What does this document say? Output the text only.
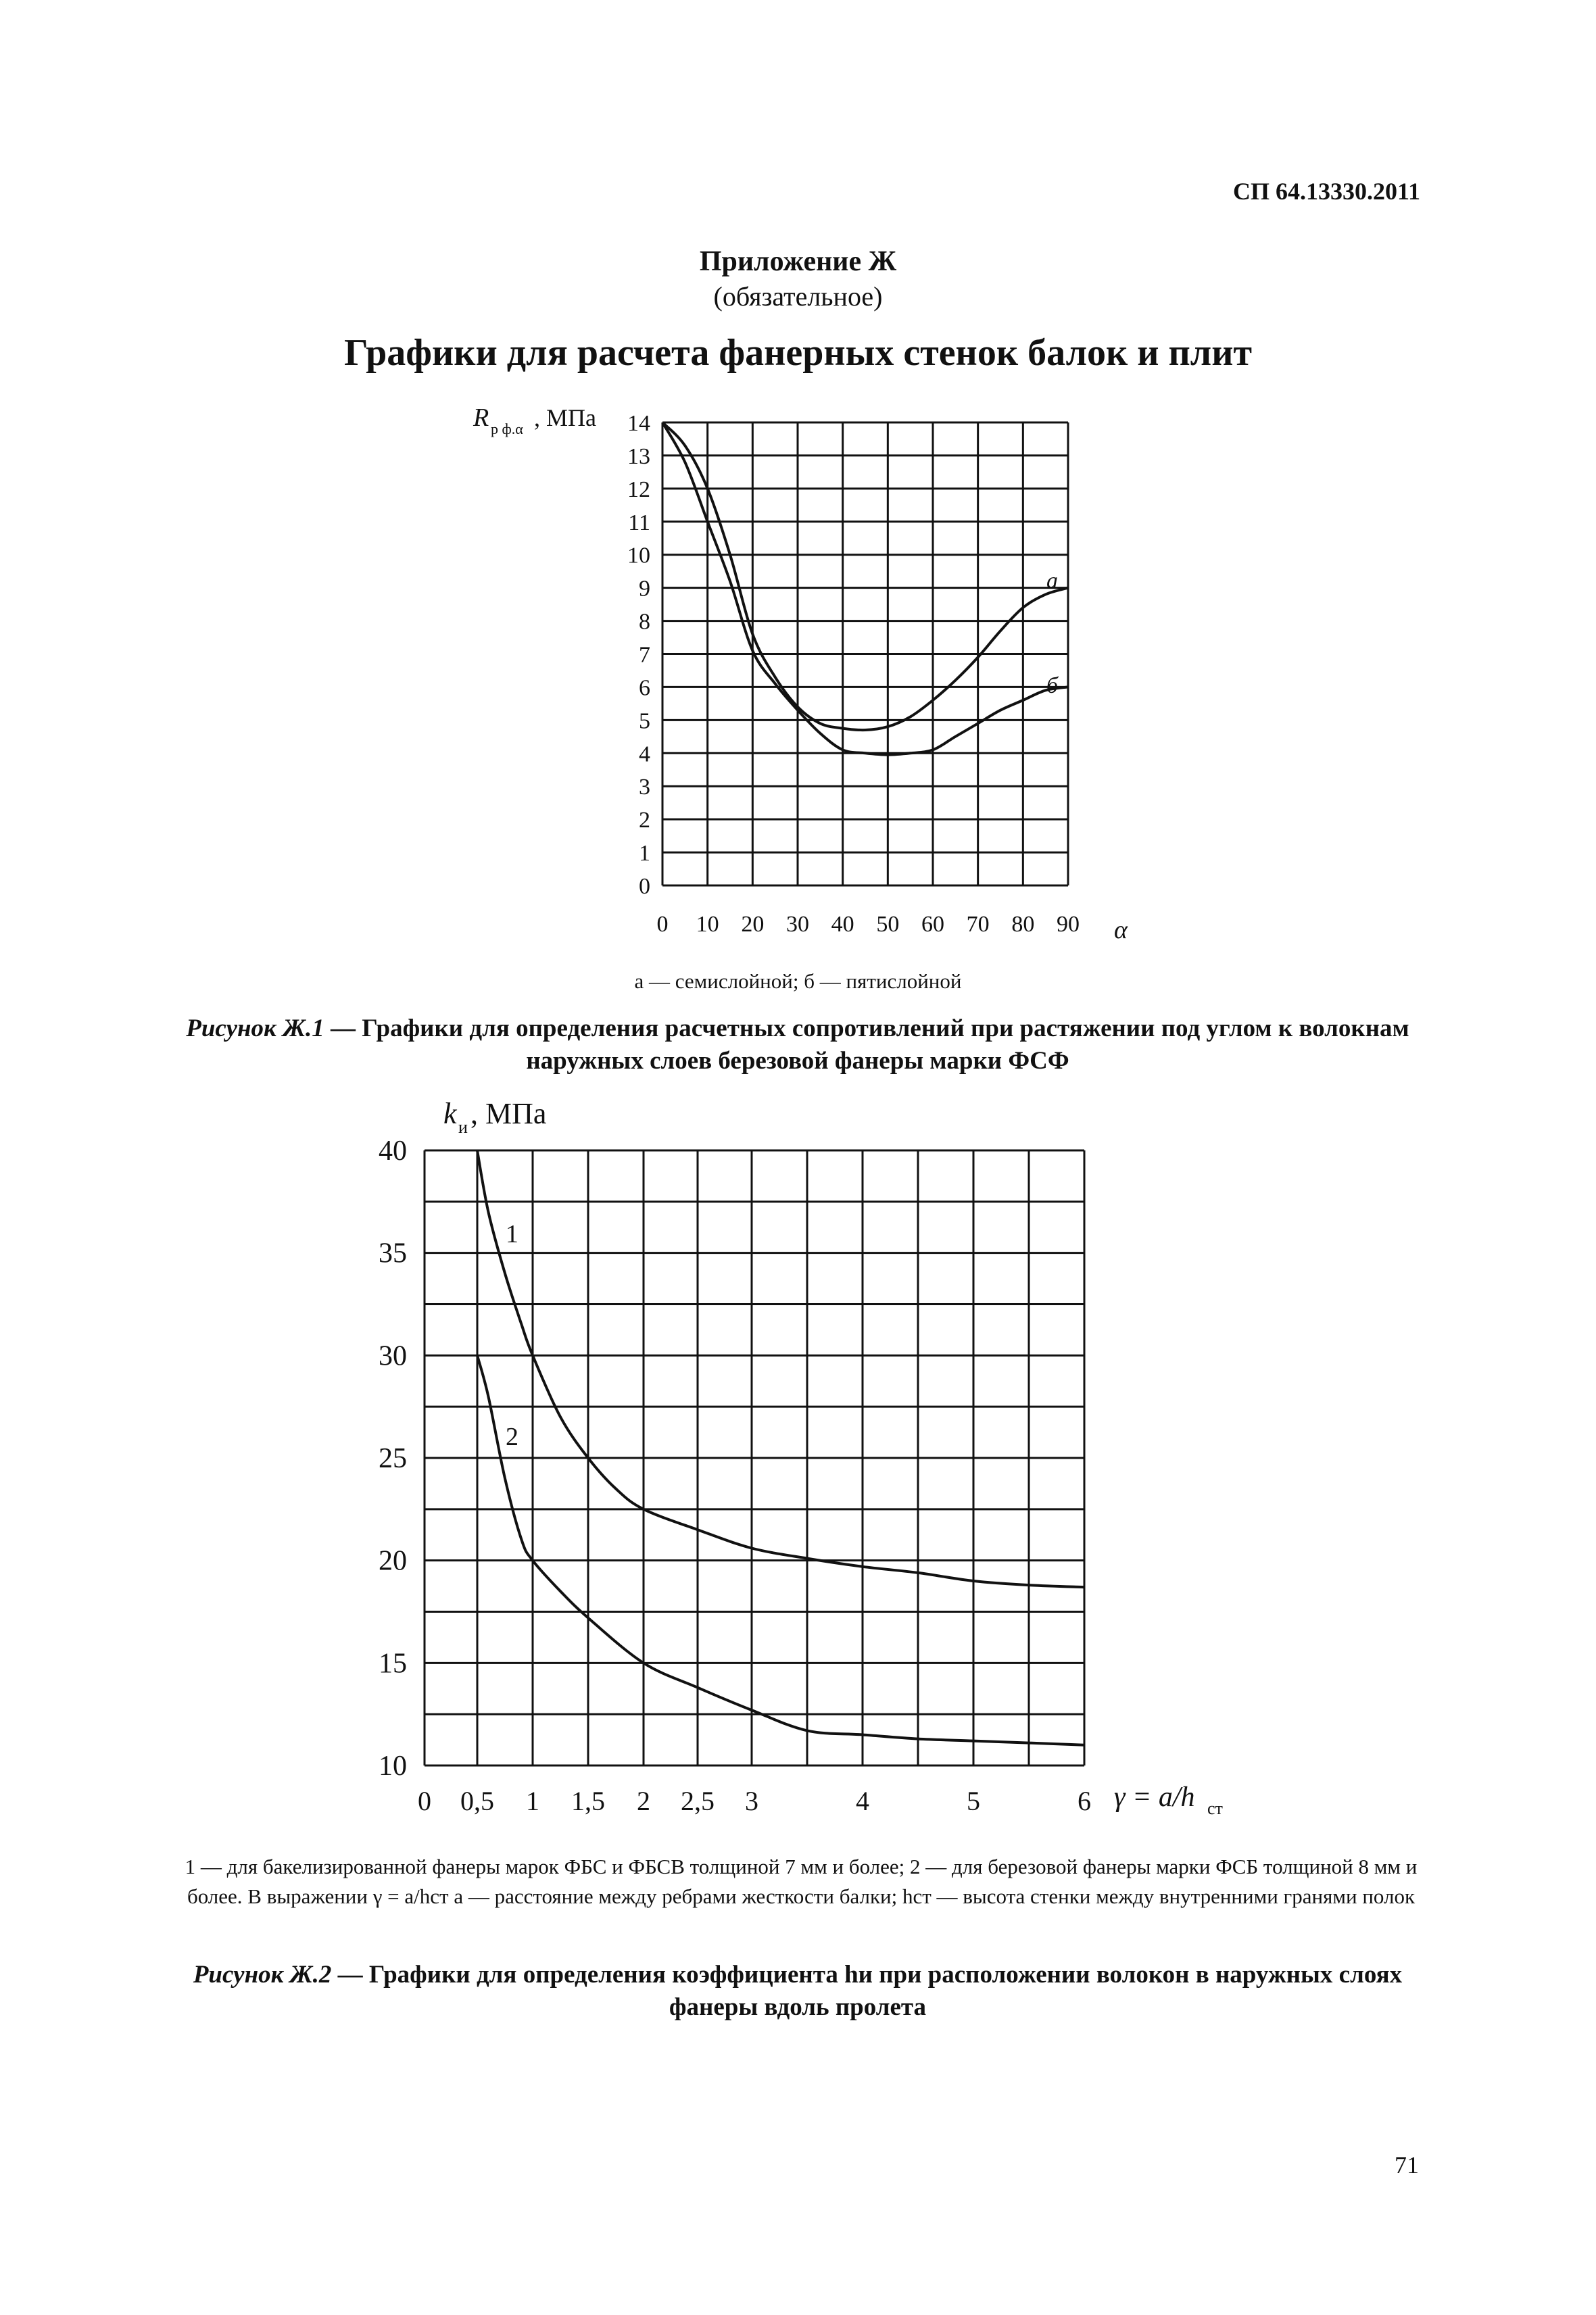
СП 64.13330.2011
Приложение Ж
(обязательное)
Графики для расчета фанерных стенок балок и плит
R р ф.α , МПа
0
1
2
3
4
5
6
7
8
9
10
11
12
13
14
0 10 20 30 40 50 60 70 80 90 α
а
б
а — семислойной; б — пятислойной
Рисунок Ж.1 — Графики для определения расчетных сопротивлений при растяжении под углом к волокнам наружных слоев березовой фанеры марки ФСФ
k и , МПа
10
15
20
25
30
35
40
0 0,5 1 1,5 2 2,5 3	4	5	6 γ = a/h ст
1
2
1 — для бакелизированной фанеры марок ФБС и ФБСВ толщиной 7 мм и более; 2 — для березовой фанеры марки ФСБ толщиной 8 мм и более. В выражении γ = a/hст a — расстояние между ребрами жесткости балки; hст — высота стенки между внутренними гранями полок
Рисунок Ж.2 — Графики для определения коэффициента hи при расположении волокон в наружных слоях фанеры вдоль пролета
71
